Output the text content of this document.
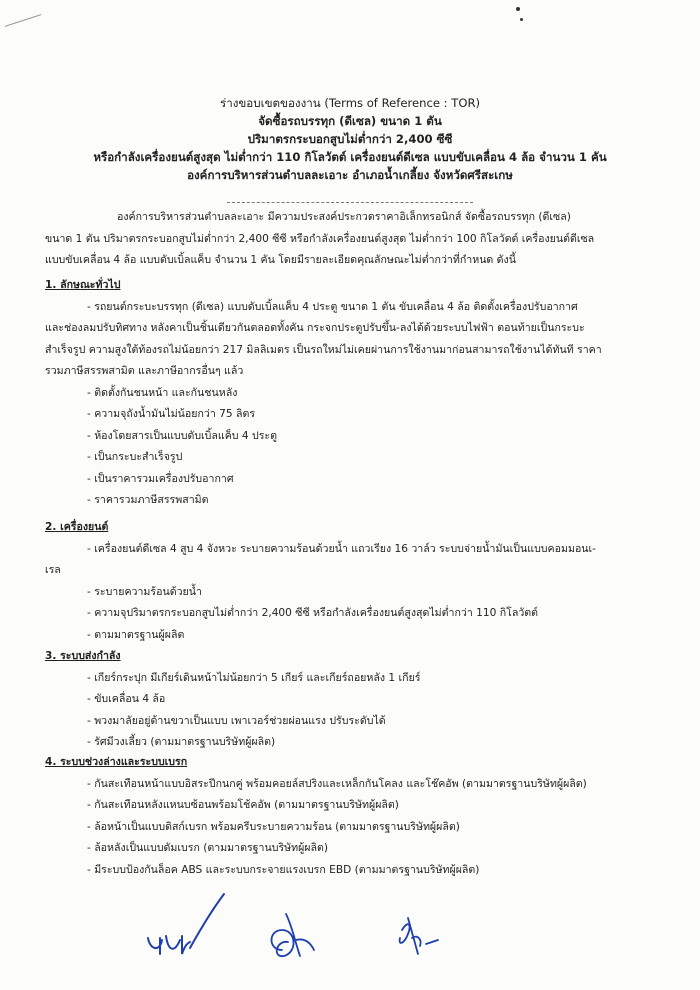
ร่างขอบเขตของงาน (Terms of Reference : TOR)
จัดซื้อรถบรรทุก (ดีเซล) ขนาด 1 ตัน
ปริมาตรกระบอกสูบไม่ต่ำกว่า 2,400 ซีซี
หรือกำลังเครื่องยนต์สูงสุด ไม่ต่ำกว่า 110 กิโลวัตต์ เครื่องยนต์ดีเซล แบบขับเคลื่อน 4 ล้อ จำนวน 1 คัน
องค์การบริหารส่วนตำบลละเอาะ อำเภอน้ำเกลี้ยง จังหวัดศรีสะเกษ
องค์การบริหารส่วนตำบลละเอาะ มีความประสงค์ประกวดราคาอิเล็กทรอนิกส์ จัดซื้อรถบรรทุก (ดีเซล)
ขนาด 1 ตัน ปริมาตรกระบอกสูบไม่ต่ำกว่า 2,400 ซีซี หรือกำลังเครื่องยนต์สูงสุด ไม่ต่ำกว่า 100 กิโลวัตต์ เครื่องยนต์ดีเซล
แบบขับเคลื่อน 4 ล้อ แบบดับเบิ้ลแค็บ จำนวน 1 คัน โดยมีรายละเอียดคุณลักษณะไม่ต่ำกว่าที่กำหนด ดังนี้
1. ลักษณะทั่วไป
- รถยนต์กระบะบรรทุก (ดีเซล) แบบดับเบิ้ลแค็บ 4 ประตู ขนาด 1 ตัน ขับเคลื่อน 4 ล้อ ติดตั้งเครื่องปรับอากาศ
และช่องลมปรับทิศทาง หลังคาเป็นชิ้นเดียวกันตลอดทั้งคัน กระจกประตูปรับขึ้น-ลงได้ด้วยระบบไฟฟ้า ตอนท้ายเป็นกระบะ
สำเร็จรูป ความสูงใต้ท้องรถไม่น้อยกว่า 217 มิลลิเมตร เป็นรถใหม่ไม่เคยผ่านการใช้งานมาก่อนสามารถใช้งานได้ทันที ราคา
รวมภาษีสรรพสามิต และภาษีอากรอื่นๆ แล้ว
- ติดตั้งกันชนหน้า และกันชนหลัง
- ความจุถังน้ำมันไม่น้อยกว่า 75 ลิตร
- ห้องโดยสารเป็นแบบดับเบิ้ลแค็บ 4 ประตู
- เป็นกระบะสำเร็จรูป
- เป็นราคารวมเครื่องปรับอากาศ
- ราคารวมภาษีสรรพสามิต
2. เครื่องยนต์
- เครื่องยนต์ดีเซล 4 สูบ 4 จังหวะ ระบายความร้อนด้วยน้ำ แถวเรียง 16 วาล์ว ระบบจ่ายน้ำมันเป็นแบบคอมมอนเ-
เรล
- ระบายความร้อนด้วยน้ำ
- ความจุปริมาตรกระบอกสูบไม่ต่ำกว่า 2,400 ซีซี หรือกำลังเครื่องยนต์สูงสุดไม่ต่ำกว่า 110 กิโลวัตต์
- ตามมาตรฐานผู้ผลิต
3. ระบบส่งกำลัง
- เกียร์กระปุก มีเกียร์เดินหน้าไม่น้อยกว่า 5 เกียร์ และเกียร์ถอยหลัง 1 เกียร์
- ขับเคลื่อน 4 ล้อ
- พวงมาลัยอยู่ด้านขวาเป็นแบบ เพาเวอร์ช่วยผ่อนแรง ปรับระดับได้
- รัศมีวงเลี้ยว (ตามมาตรฐานบริษัทผู้ผลิต)
4. ระบบช่วงล่างและระบบเบรก
- กันสะเทือนหน้าแบบอิสระปีกนกคู่ พร้อมคอยล์สปริงและเหล็กกันโคลง และโช๊คอัพ (ตามมาตรฐานบริษัทผู้ผลิต)
- กันสะเทือนหลังแหนบซ้อนพร้อมโช้คอัพ (ตามมาตรฐานบริษัทผู้ผลิต)
- ล้อหน้าเป็นแบบดิสก์เบรก พร้อมครีบระบายความร้อน (ตามมาตรฐานบริษัทผู้ผลิต)
- ล้อหลังเป็นแบบดัมเบรก (ตามมาตรฐานบริษัทผู้ผลิต)
- มีระบบป้องกันล็อค ABS และระบบกระจายแรงเบรก EBD (ตามมาตรฐานบริษัทผู้ผลิต)
